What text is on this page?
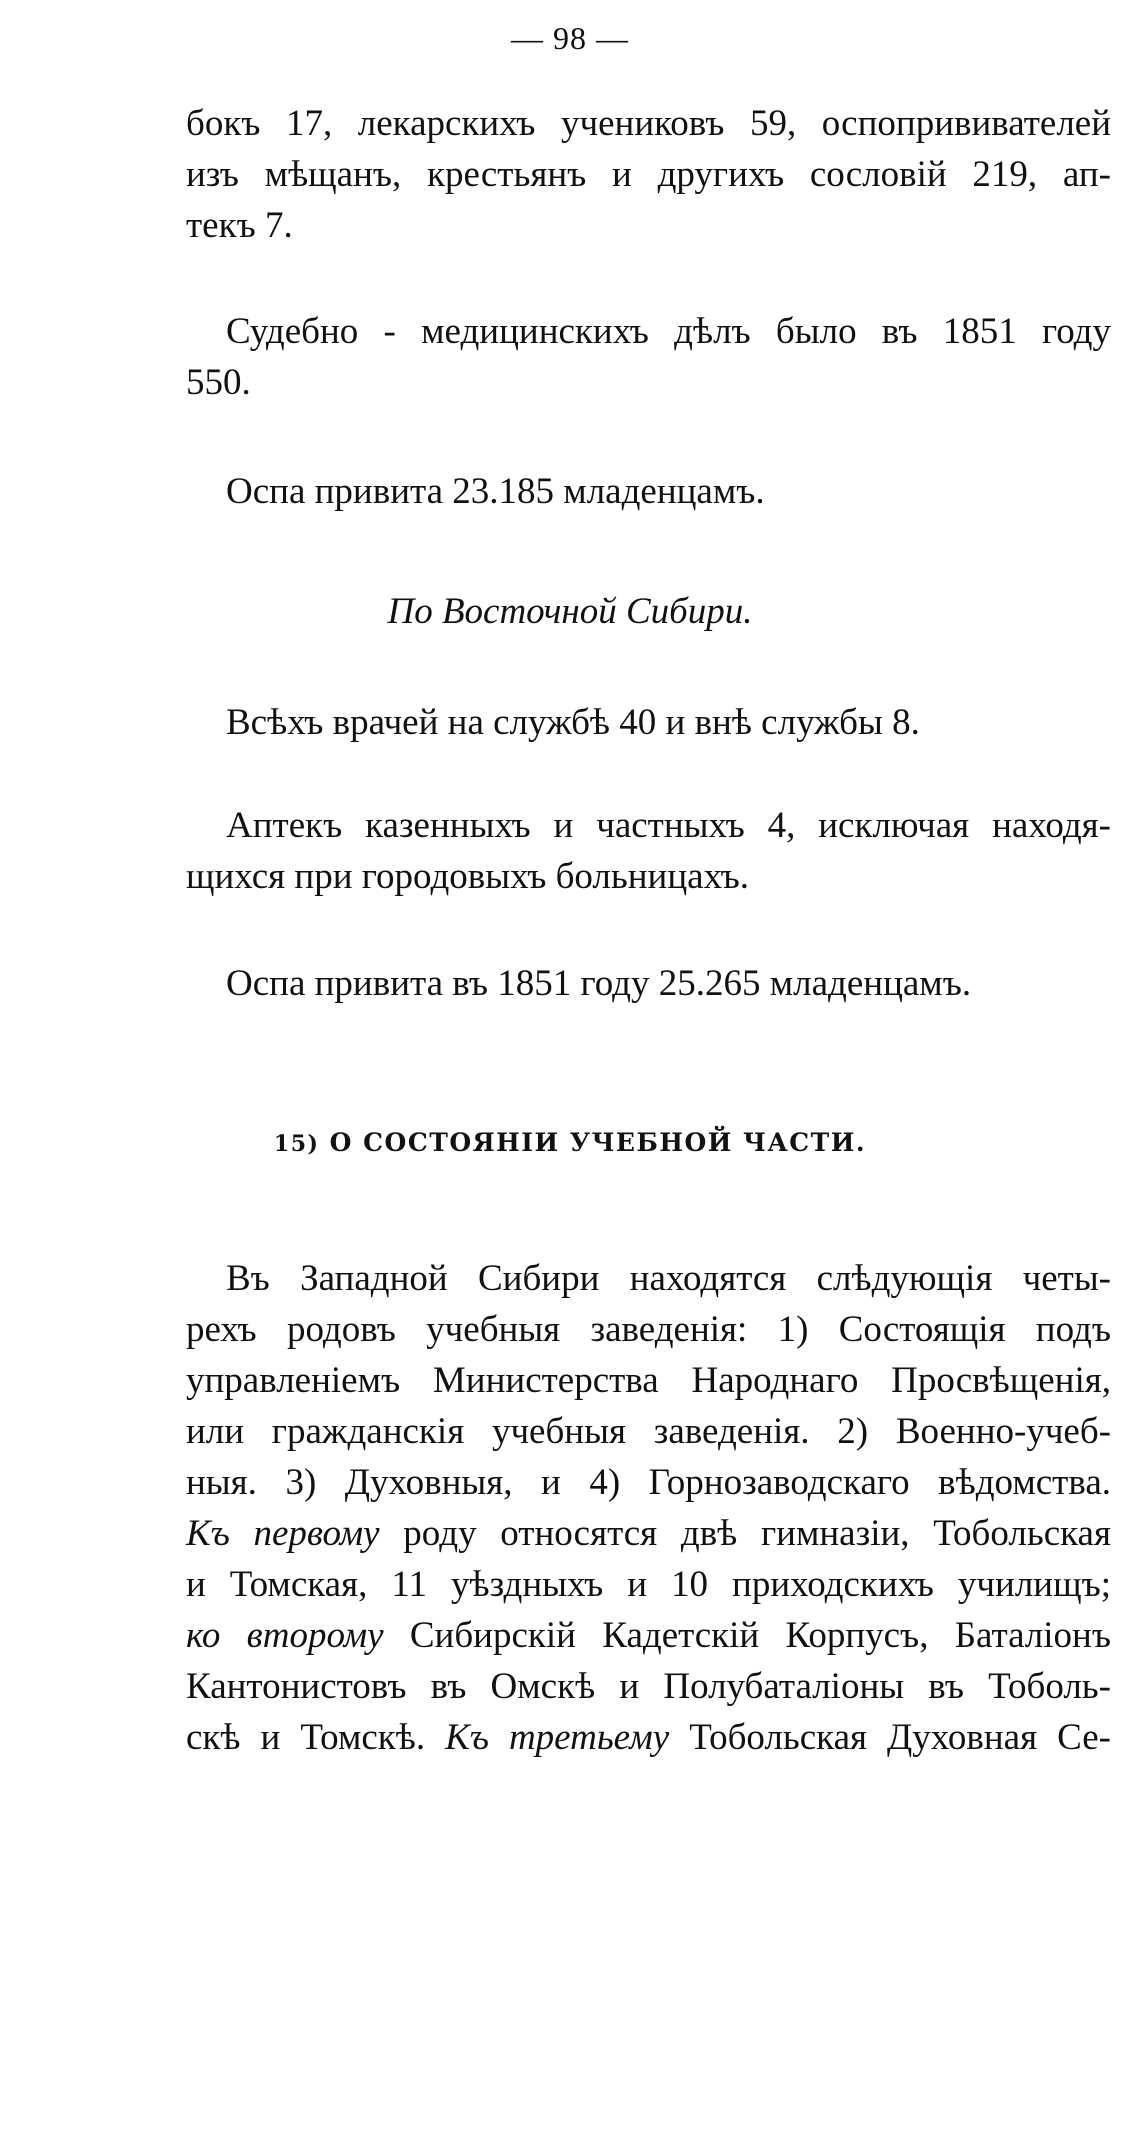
— 98 —

бокъ 17, лекарскихъ учениковъ 59, оспопрививателей
изъ мѣщанъ, крестьянъ и другихъ сословій 219, ап-
текъ 7.

Судебно - медицинскихъ дѣлъ было въ 1851 году
550.

Оспа привита 23.185 младенцамъ.

По Восточной Сибири.

Всѣхъ врачей на службѣ 40 и внѣ службы 8.

Аптекъ казенныхъ и частныхъ 4, исключая находя-
щихся при городовыхъ больницахъ.

Оспа привита въ 1851 году 25.265 младенцамъ.

15) О СОСТОЯНІИ УЧЕБНОЙ ЧАСТИ.

Въ Западной Сибири находятся слѣдующія четы-
рехъ родовъ учебныя заведенія: 1) Состоящія подъ
управленіемъ Министерства Народнаго Просвѣщенія,
или гражданскія учебныя заведенія. 2) Военно-учеб-
ныя. 3) Духовныя, и 4) Горнозаводскаго вѣдомства.
Къ первому роду относятся двѣ гимназіи, Тобольская
и Томская, 11 уѣздныхъ и 10 приходскихъ училищъ;
ко второму Сибирскій Кадетскій Корпусъ, Баталіонъ
Кантонистовъ въ Омскѣ и Полубаталіоны въ Тоболь-
скѣ и Томскѣ. Къ третьему Тобольская Духовная Се-
